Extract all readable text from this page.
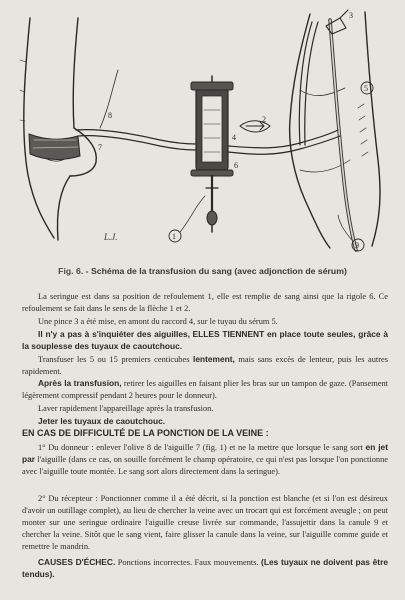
1
2
3
4
5
6
7
8
9
L.J.
Fig. 6. - Schéma de la transfusion du sang (avec adjonction de sérum)

La seringue est dans sa position de refoulement 1, elle est remplie de sang ainsi que la rigole 6. Ce refoulement se fait dans le sens de la flèche 1 et 2.

Une pince 3 a été mise, en amont du raccord 4, sur le tuyau du sérum 5.

Il n'y a pas à s'inquiéter des aiguilles, ELLES TIENNENT en place toute seules, grâce à la souplesse des tuyaux de caoutchouc.

Transfuser les 5 ou 15 premiers centicubes lentement, mais sans excès de lenteur, puis les autres rapidement.

Après la transfusion, retirer les aiguilles en faisant plier les bras sur un tampon de gaze. (Pansement légèrement compressif pendant 2 heures pour le donneur).

Laver rapidement l'appareillage après la transfusion.

Jeter les tuyaux de caoutchouc.

EN CAS DE DIFFICULTÉ DE LA PONCTION DE LA VEINE :

1° Du donneur : enlever l'olive 8 de l'aiguille 7 (fig. 1) et ne la mettre que lorsque le sang sort en jet par l'aiguille (dans ce cas, on souille forcément le champ opératoire, ce qui n'est pas lorsque l'on ponctionne avec l'aiguille toute montée. Le sang sort alors directement dans la seringue).

2° Du récepteur : Ponctionner comme il a été décrit, si la ponction est blanche (et si l'on est désireux d'avoir un outillage complet), au lieu de chercher la veine avec un trocart qui est forcément aveugle ; on peut monter sur une seringue ordinaire l'aiguille creuse livrée sur commande, l'assujettir dans la canule 9 et chercher la veine. Sitôt que le sang vient, faire glisser la canule dans la veine, sur l'aiguille comme guide et remettre le mandrin.

CAUSES D'ÉCHEC. Ponctions incorrectes. Faux mouvements. (Les tuyaux ne doivent pas être tendus).
